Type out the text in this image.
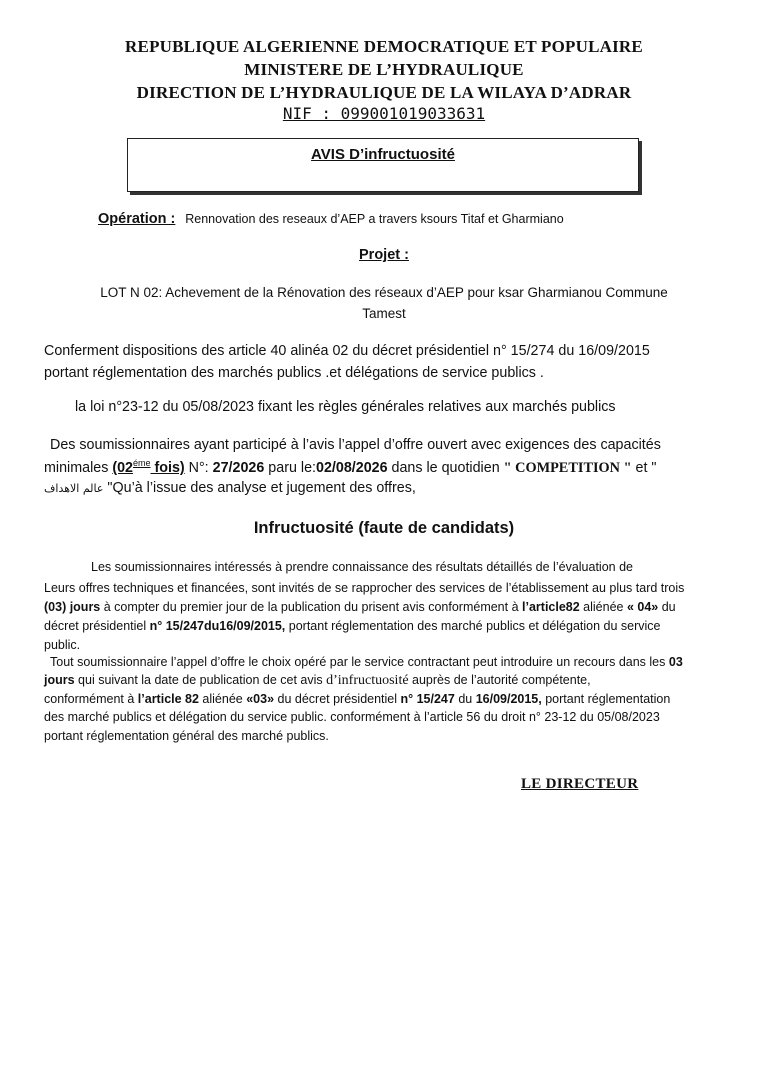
REPUBLIQUE ALGERIENNE DEMOCRATIQUE ET POPULAIRE
MINISTERE DE L’HYDRAULIQUE
DIRECTION DE L’HYDRAULIQUE DE LA WILAYA D’ADRAR
NIF : 099001019033631
AVIS D’infructuosité
Opération : Rennovation des reseaux d’AEP a travers ksours Titaf et Gharmiano
Projet :
LOT N 02: Achevement de la Rénovation des réseaux d’AEP pour ksar Gharmianou Commune
Tamest
Conferment dispositions des article 40 alinéa 02 du décret présidentiel n° 15/274 du 16/09/2015
portant réglementation des marchés publics .et délégations de service publics .
la loi n°23-12 du 05/08/2023 fixant les règles générales relatives aux marchés publics
Des soumissionnaires ayant participé à l’avis l’appel d’offre ouvert avec exigences des capacités
minimales ($02^{éme}$ fois) N°: 27/2026 paru le:02/08/2026 dans le quotidien " COMPETITION " et "
عالم الاهداف "Qu’à l’issue des analyse et jugement des offres,
Infructuosité (faute de candidats)
Les soumissionnaires intéressés à prendre connaissance des résultats détaillés de l’évaluation de
Leurs offres techniques et financées, sont invités de se rapprocher des services de l’établissement au plus tard trois
(03) jours à compter du premier jour de la publication du prisent avis conformément à l’article82 aliénée « 04» du
décret présidentiel n° 15/247du16/09/2015, portant réglementation des marché publics et délégation du service
public.
Tout soumissionnaire l’appel d’offre le choix opéré par le service contractant peut introduire un recours dans les 03
jours qui suivant la date de publication de cet avis d’infructuosité auprès de l’autorité compétente,
conformément à l’article 82 aliénée «03» du décret présidentiel n° 15/247 du 16/09/2015, portant réglementation
des marché publics et délégation du service public. conformément à l’article 56 du droit n° 23-12 du 05/08/2023
portant réglementation général des marché publics.
LE DIRECTEUR
